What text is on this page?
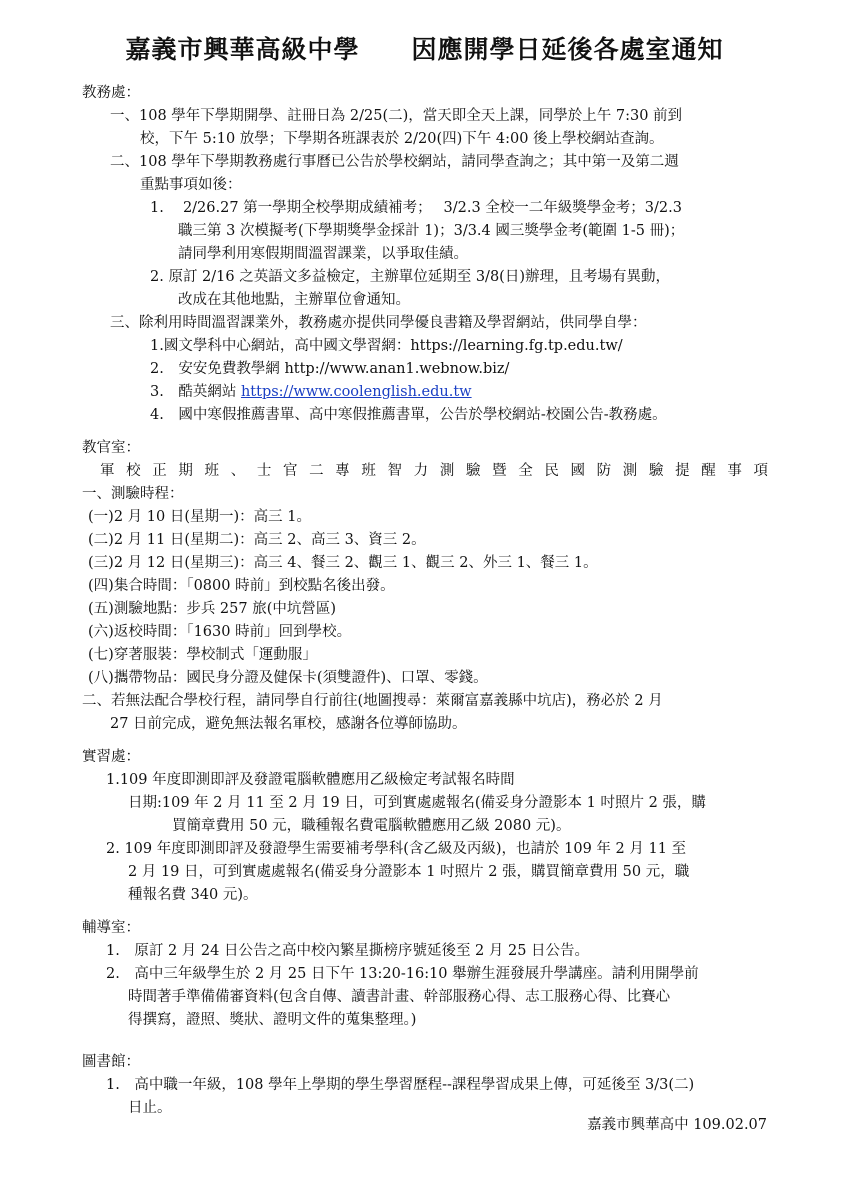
嘉義市興華高級中學　　因應開學日延後各處室通知
教務處：
一、108 學年下學期開學、註冊日為 2/25(二)，當天即全天上課，同學於上午 7:30 前到
校，下午 5:10 放學；下學期各班課表於 2/20(四)下午 4:00 後上學校網站查詢。
二、108 學年下學期教務處行事曆已公告於學校網站，請同學查詢之；其中第一及第二週
重點事項如後：
1.　 2/26.27 第一學期全校學期成績補考；　 3/2.3 全校一二年級獎學金考；3/2.3
職三第 3 次模擬考(下學期獎學金採計 1)；3/3.4 國三獎學金考(範圍 1-5 冊)；
請同學利用寒假期間溫習課業，以爭取佳績。
2. 原訂 2/16 之英語文多益檢定，主辦單位延期至 3/8(日)辦理，且考場有異動，
改成在其他地點，主辦單位會通知。
三、除利用時間溫習課業外，教務處亦提供同學優良書籍及學習網站，供同學自學：
1.國文學科中心網站，高中國文學習網：https://learning.fg.tp.edu.tw/
2.　安安免費教學網 http://www.anan1.webnow.biz/
3.　酷英網站 https://www.coolenglish.edu.tw
4.　國中寒假推薦書單、高中寒假推薦書單，公告於學校網站-校園公告-教務處。
教官室：
軍校正期班、士官二專班智力測驗暨全民國防測驗提醒事項
一、測驗時程：
(一)2 月 10 日(星期一)：高三 1。
(二)2 月 11 日(星期二)：高三 2、高三 3、資三 2。
(三)2 月 12 日(星期三)：高三 4、餐三 2、觀三 1、觀三 2、外三 1、餐三 1。
(四)集合時間：「0800 時前」到校點名後出發。
(五)測驗地點：步兵 257 旅(中坑營區)
(六)返校時間：「1630 時前」回到學校。
(七)穿著服裝：學校制式「運動服」
(八)攜帶物品：國民身分證及健保卡(須雙證件)、口罩、零錢。
二、若無法配合學校行程，請同學自行前往(地圖搜尋：萊爾富嘉義縣中坑店)，務必於 2 月
27 日前完成，避免無法報名軍校，感謝各位導師協助。
實習處：
1.109 年度即測即評及發證電腦軟體應用乙級檢定考試報名時間
日期:109 年 2 月 11 至 2 月 19 日，可到實處處報名(備妥身分證影本 1 吋照片 2 張，購
買簡章費用 50 元，職種報名費電腦軟體應用乙級 2080 元)。
2. 109 年度即測即評及發證學生需要補考學科(含乙級及丙級)，也請於 109 年 2 月 11 至
2 月 19 日，可到實處處報名(備妥身分證影本 1 吋照片 2 張，購買簡章費用 50 元，職
種報名費 340 元)。
輔導室：
1.　原訂 2 月 24 日公告之高中校內繁星撕榜序號延後至 2 月 25 日公告。
2.　高中三年級學生於 2 月 25 日下午 13:20-16:10 舉辦生涯發展升學講座。請利用開學前
時間著手準備備審資料(包含自傳、讀書計畫、幹部服務心得、志工服務心得、比賽心
得撰寫，證照、獎狀、證明文件的蒐集整理。)
圖書館：
1.　高中職一年級，108 學年上學期的學生學習歷程--課程學習成果上傳，可延後至 3/3(二)
日止。
嘉義市興華高中 109.02.07
